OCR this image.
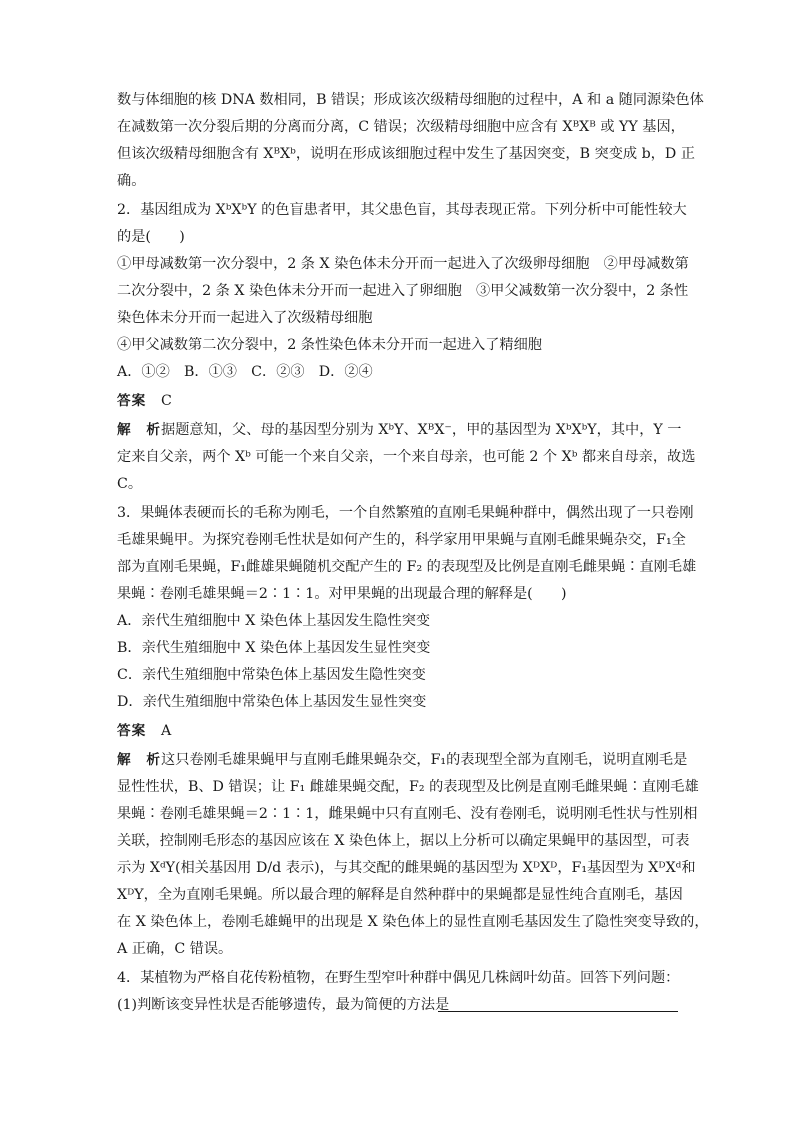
数与体细胞的核 DNA 数相同，B 错误；形成该次级精母细胞的过程中，A 和 a 随同源染色体
在减数第一次分裂后期的分离而分离，C 错误；次级精母细胞中应含有 XᴮXᴮ 或 YY 基因，
但该次级精母细胞含有 XᴮXᵇ，说明在形成该细胞过程中发生了基因突变，B 突变成 b，D 正
确。
2．基因组成为 XᵇXᵇY 的色盲患者甲，其父患色盲，其母表现正常。下列分析中可能性较大
的是(　　)
①甲母减数第一次分裂中，2 条 X 染色体未分开而一起进入了次级卵母细胞　②甲母减数第
二次分裂中，2 条 X 染色体未分开而一起进入了卵细胞　③甲父减数第一次分裂中，2 条性
染色体未分开而一起进入了次级精母细胞
④甲父减数第二次分裂中，2 条性染色体未分开而一起进入了精细胞
A．①②　B．①③　C．②③　D．②④
答案 C
解析据题意知，父、母的基因型分别为 XᵇY、XᴮX⁻，甲的基因型为 XᵇXᵇY，其中，Y 一
定来自父亲，两个 Xᵇ 可能一个来自父亲，一个来自母亲，也可能 2 个 Xᵇ 都来自母亲，故选
C。
3．果蝇体表硬而长的毛称为刚毛，一个自然繁殖的直刚毛果蝇种群中，偶然出现了一只卷刚
毛雄果蝇甲。为探究卷刚毛性状是如何产生的，科学家用甲果蝇与直刚毛雌果蝇杂交，F₁全
部为直刚毛果蝇，F₁雌雄果蝇随机交配产生的 F₂ 的表现型及比例是直刚毛雌果蝇∶直刚毛雄
果蝇∶卷刚毛雄果蝇＝2∶1∶1。对甲果蝇的出现最合理的解释是(　　)
A．亲代生殖细胞中 X 染色体上基因发生隐性突变
B．亲代生殖细胞中 X 染色体上基因发生显性突变
C．亲代生殖细胞中常染色体上基因发生隐性突变
D．亲代生殖细胞中常染色体上基因发生显性突变
答案 A
解析这只卷刚毛雄果蝇甲与直刚毛雌果蝇杂交，F₁的表现型全部为直刚毛，说明直刚毛是
显性性状，B、D 错误；让 F₁ 雌雄果蝇交配，F₂ 的表现型及比例是直刚毛雌果蝇∶直刚毛雄
果蝇∶卷刚毛雄果蝇＝2∶1∶1，雌果蝇中只有直刚毛、没有卷刚毛，说明刚毛性状与性别相
关联，控制刚毛形态的基因应该在 X 染色体上，据以上分析可以确定果蝇甲的基因型，可表
示为 XᵈY(相关基因用 D/d 表示)，与其交配的雌果蝇的基因型为 XᴰXᴰ，F₁基因型为 XᴰXᵈ和
XᴰY，全为直刚毛果蝇。所以最合理的解释是自然种群中的果蝇都是显性纯合直刚毛，基因
在 X 染色体上，卷刚毛雄蝇甲的出现是 X 染色体上的显性直刚毛基因发生了隐性突变导致的，
A 正确，C 错误。
4．某植物为严格自花传粉植物，在野生型窄叶种群中偶见几株阔叶幼苗。回答下列问题：
(1)判断该变异性状是否能够遗传，最为简便的方法是
